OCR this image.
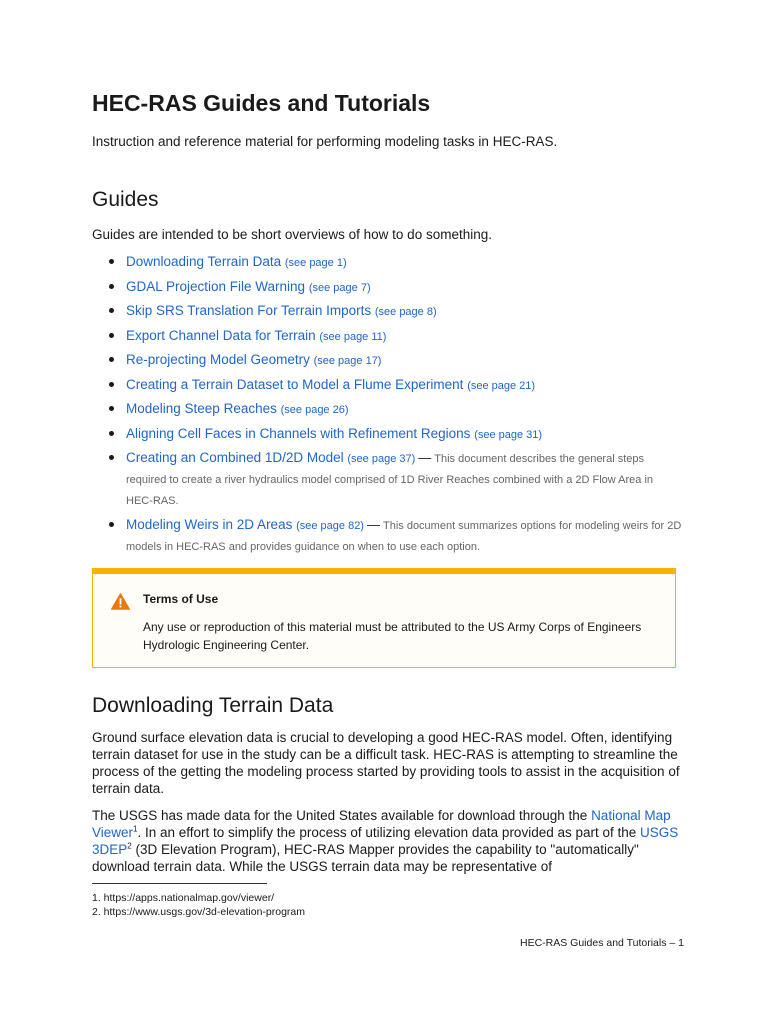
HEC-RAS Guides and Tutorials

Instruction and reference material for performing modeling tasks in HEC-RAS.

Guides

Guides are intended to be short overviews of how to do something.

Downloading Terrain Data (see page 1)
GDAL Projection File Warning (see page 7)
Skip SRS Translation For Terrain Imports (see page 8)
Export Channel Data for Terrain (see page 11)
Re-projecting Model Geometry (see page 17)
Creating a Terrain Dataset to Model a Flume Experiment (see page 21)
Modeling Steep Reaches (see page 26)
Aligning Cell Faces in Channels with Refinement Regions (see page 31)
Creating an Combined 1D/2D Model (see page 37) — This document describes the general steps required to create a river hydraulics model comprised of 1D River Reaches combined with a 2D Flow Area in HEC-RAS.
Modeling Weirs in 2D Areas (see page 82) — This document summarizes options for modeling weirs for 2D models in HEC-RAS and provides guidance on when to use each option.
Terms of Use
Any use or reproduction of this material must be attributed to the US Army Corps of Engineers Hydrologic Engineering Center.
Downloading Terrain Data

Ground surface elevation data is crucial to developing a good HEC-RAS model. Often, identifying terrain dataset for use in the study can be a difficult task. HEC-RAS is attempting to streamline the process of the getting the modeling process started by providing tools to assist in the acquisition of terrain data.

The USGS has made data for the United States available for download through the National Map Viewer$^1$. In an effort to simplify the process of utilizing elevation data provided as part of the USGS 3DEP$^2$ (3D Elevation Program), HEC-RAS Mapper provides the capability to "automatically" download terrain data. While the USGS terrain data may be representative of

1. https://apps.nationalmap.gov/viewer/
2. https://www.usgs.gov/3d-elevation-program
HEC-RAS Guides and Tutorials – 1
